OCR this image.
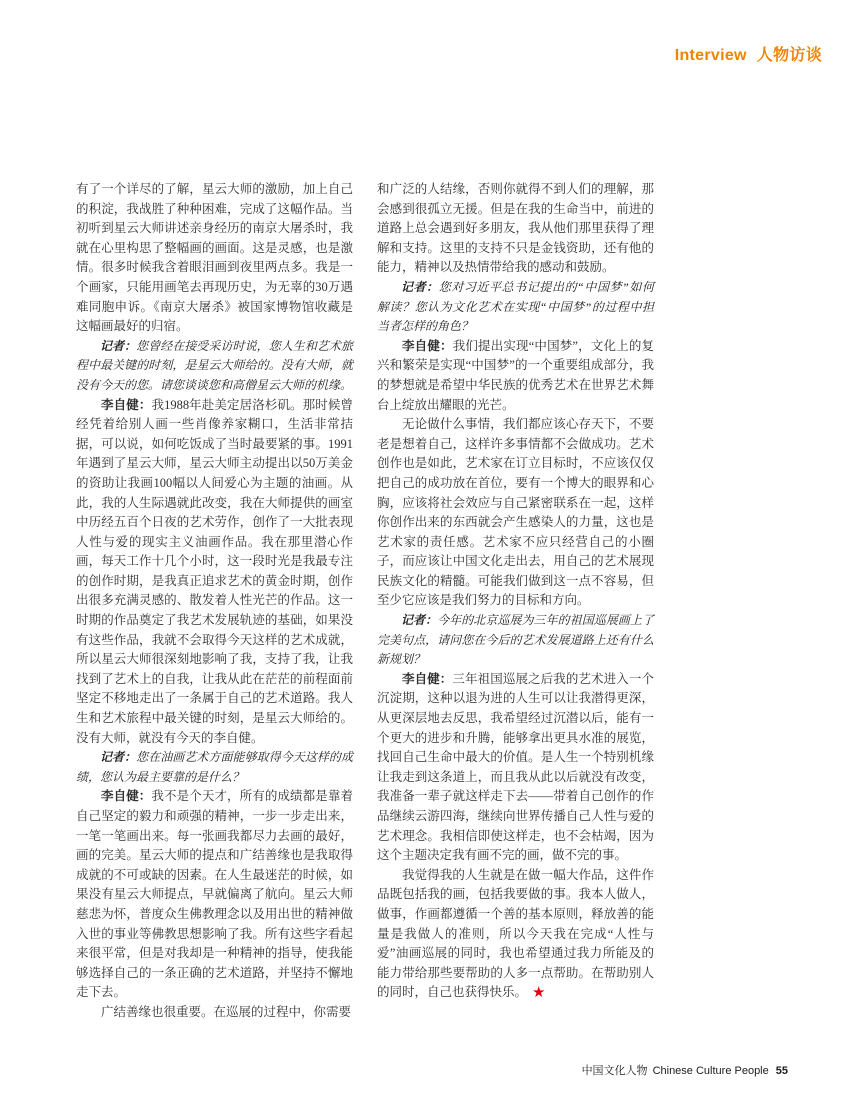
Interview 人物访谈

有了一个详尽的了解，星云大师的激励，加上自己的积淀，我战胜了种种困难，完成了这幅作品。当初听到星云大师讲述亲身经历的南京大屠杀时，我就在心里构思了整幅画的画面。这是灵感，也是激情。很多时候我含着眼泪画到夜里两点多。我是一个画家，只能用画笔去再现历史，为无辜的30万遇难同胞申诉。《南京大屠杀》被国家博物馆收藏是这幅画最好的归宿。

记者：您曾经在接受采访时说，您人生和艺术旅程中最关键的时刻，是星云大师给的。没有大师，就没有今天的您。请您谈谈您和高僧星云大师的机缘。

李自健：我1988年赴美定居洛杉矶。那时候曾经凭着给别人画一些肖像养家糊口，生活非常拮据，可以说，如何吃饭成了当时最要紧的事。1991年遇到了星云大师，星云大师主动提出以50万美金的资助让我画100幅以人间爱心为主题的油画。从此，我的人生际遇就此改变，我在大师提供的画室中历经五百个日夜的艺术劳作，创作了一大批表现人性与爱的现实主义油画作品。我在那里潜心作画，每天工作十几个小时，这一段时光是我最专注的创作时期，是我真正追求艺术的黄金时期，创作出很多充满灵感的、散发着人性光芒的作品。这一时期的作品奠定了我艺术发展轨迹的基础，如果没有这些作品，我就不会取得今天这样的艺术成就，所以星云大师很深刻地影响了我，支持了我，让我找到了艺术上的自我，让我从此在茫茫的前程面前坚定不移地走出了一条属于自己的艺术道路。我人生和艺术旅程中最关键的时刻，是星云大师给的。没有大师，就没有今天的李自健。

记者：您在油画艺术方面能够取得今天这样的成绩，您认为最主要靠的是什么？

李自健：我不是个天才，所有的成绩都是靠着自己坚定的毅力和顽强的精神，一步一步走出来，一笔一笔画出来。每一张画我都尽力去画的最好，画的完美。星云大师的提点和广结善缘也是我取得成就的不可或缺的因素。在人生最迷茫的时候，如果没有星云大师提点，早就偏离了航向。星云大师慈悲为怀，普度众生佛教理念以及用出世的精神做入世的事业等佛教思想影响了我。所有这些字看起来很平常，但是对我却是一种精神的指导，使我能够选择自己的一条正确的艺术道路，并坚持不懈地走下去。

广结善缘也很重要。在巡展的过程中，你需要

和广泛的人结缘，否则你就得不到人们的理解，那会感到很孤立无援。但是在我的生命当中，前进的道路上总会遇到好多朋友，我从他们那里获得了理解和支持。这里的支持不只是金钱资助，还有他的能力，精神以及热情带给我的感动和鼓励。

记者：您对习近平总书记提出的“中国梦”如何解读？您认为文化艺术在实现“中国梦”的过程中担当者怎样的角色？

李自健：我们提出实现“中国梦”，文化上的复兴和繁荣是实现“中国梦”的一个重要组成部分，我的梦想就是希望中华民族的优秀艺术在世界艺术舞台上绽放出耀眼的光芒。

无论做什么事情，我们都应该心存天下，不要老是想着自己，这样许多事情都不会做成功。艺术创作也是如此，艺术家在订立目标时，不应该仅仅把自己的成功放在首位，要有一个博大的眼界和心胸，应该将社会效应与自己紧密联系在一起，这样你创作出来的东西就会产生感染人的力量，这也是艺术家的责任感。艺术家不应只经营自己的小圈子，而应该让中国文化走出去，用自己的艺术展现民族文化的精髓。可能我们做到这一点不容易，但至少它应该是我们努力的目标和方向。

记者：今年的北京巡展为三年的祖国巡展画上了完美句点，请问您在今后的艺术发展道路上还有什么新规划？

李自健：三年祖国巡展之后我的艺术进入一个沉淀期，这种以退为进的人生可以让我潜得更深，从更深层地去反思，我希望经过沉潜以后，能有一个更大的进步和升腾，能够拿出更具水准的展览，找回自己生命中最大的价值。是人生一个特别机缘让我走到这条道上，而且我从此以后就没有改变，我准备一辈子就这样走下去——带着自己创作的作品继续云游四海，继续向世界传播自己人性与爱的艺术理念。我相信即使这样走，也不会枯竭，因为这个主题决定我有画不完的画，做不完的事。

我觉得我的人生就是在做一幅大作品，这件作品既包括我的画，包括我要做的事。我本人做人，做事，作画都遵循一个善的基本原则，释放善的能量是我做人的准则，所以今天我在完成“人性与爱”油画巡展的同时，我也希望通过我力所能及的能力带给那些要帮助的人多一点帮助。在帮助别人的同时，自己也获得快乐。 ★

中国文化人物 Chinese Culture People 55
